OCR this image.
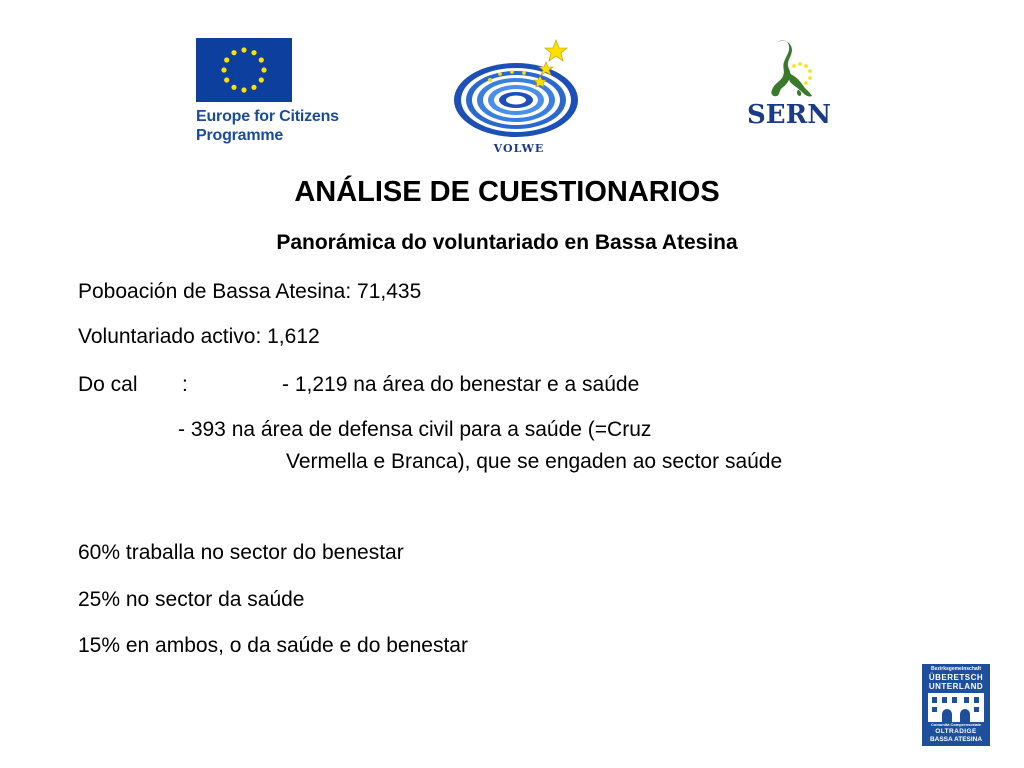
Europe for Citizens
Programme
VOLWE
SERN
ANÁLISE DE CUESTIONARIOS
Panorámica do voluntariado en Bassa Atesina
Poboación de Bassa Atesina: 71,435
Voluntariado activo: 1,612
Do cal :	- 1,219 na área do benestar e a saúde
- 393 na área de defensa civil para a saúde (=Cruz
Vermella e Branca), que se engaden ao sector saúde
60% traballa no sector do benestar
25% no sector da saúde
15% en ambos, o da saúde e do benestar
Bezirksgemeinschaft
ÜBERETSCH
UNTERLAND
Comunità Comprensoriale
OLTRADIGE
BASSA ATESINA
